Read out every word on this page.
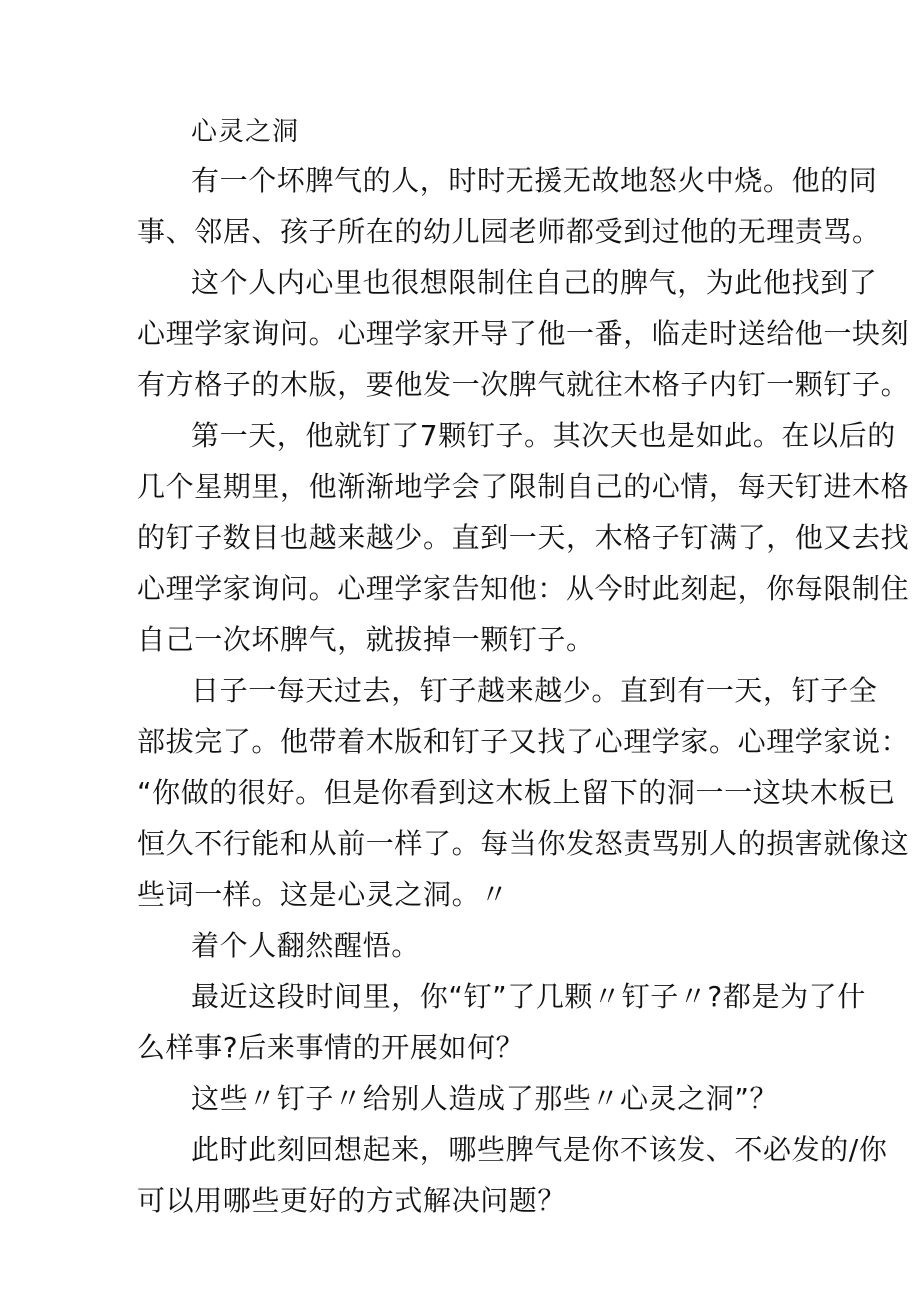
心灵之洞

有一个坏脾气的人，时时无援无故地怒火中烧。他的同
事、邻居、孩子所在的幼儿园老师都受到过他的无理责骂。

这个人内心里也很想限制住自己的脾气，为此他找到了
心理学家询问。心理学家开导了他一番，临走时送给他一块刻
有方格子的木版，要他发一次脾气就往木格子内钉一颗钉子。

第一天，他就钉了7颗钉子。其次天也是如此。在以后的
几个星期里，他渐渐地学会了限制自己的心情，每天钉进木格
的钉子数目也越来越少。直到一天，木格子钉满了，他又去找
心理学家询问。心理学家告知他：从今时此刻起，你每限制住
自己一次坏脾气，就拔掉一颗钉子。

日子一每天过去，钉子越来越少。直到有一天，钉子全
部拔完了。他带着木版和钉子又找了心理学家。心理学家说：
“你做的很好。但是你看到这木板上留下的洞一一这块木板已
恒久不行能和从前一样了。每当你发怒责骂别人的损害就像这
些词一样。这是心灵之洞。〃

着个人翻然醒悟。

最近这段时间里，你“钉”了几颗〃钉子〃?都是为了什
么样事?后来事情的开展如何？

这些〃钉子〃给别人造成了那些〃心灵之洞”？

此时此刻回想起来，哪些脾气是你不该发、不必发的/你
可以用哪些更好的方式解决问题？
